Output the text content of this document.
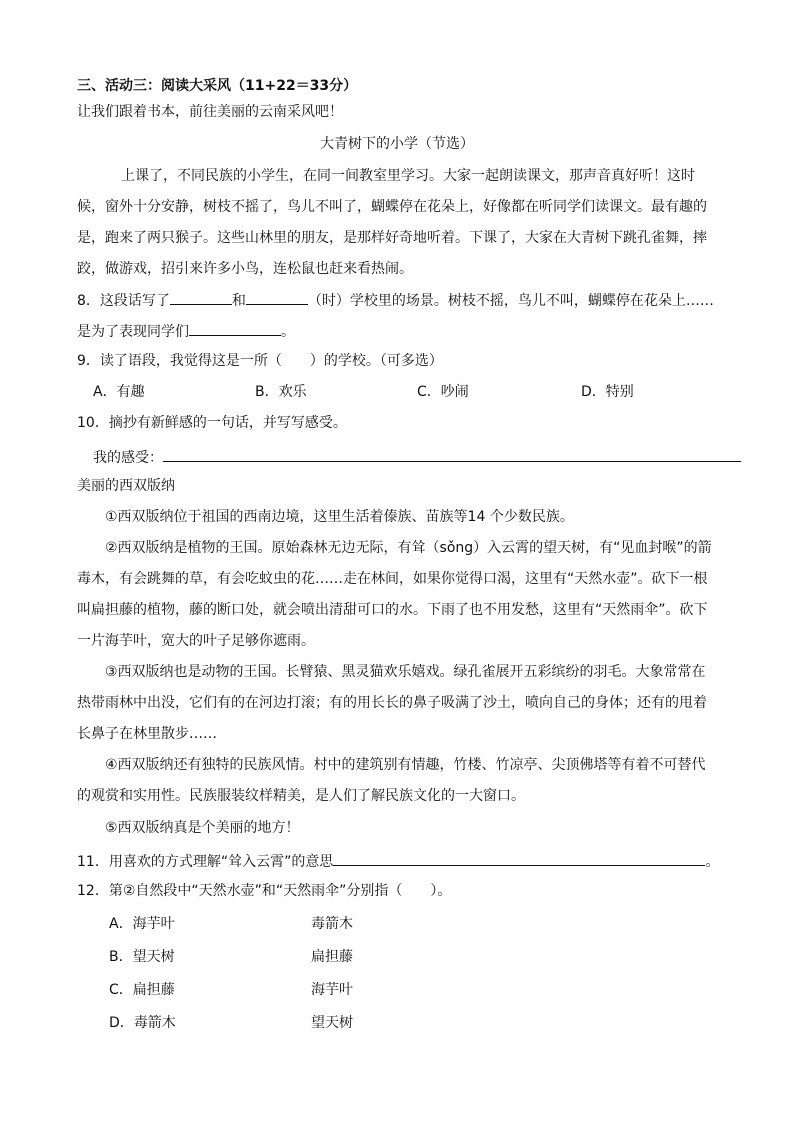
三、活动三：阅读大采风（11+22＝33分）
让我们跟着书本，前往美丽的云南采风吧！
大青树下的小学（节选）
上课了，不同民族的小学生，在同一间教室里学习。大家一起朗读课文，那声音真好听！这时
候，窗外十分安静，树枝不摇了，鸟儿不叫了，蝴蝶停在花朵上，好像都在听同学们读课文。最有趣的
是，跑来了两只猴子。这些山林里的朋友，是那样好奇地听着。下课了，大家在大青树下跳孔雀舞，摔
跤，做游戏，招引来许多小鸟，连松鼠也赶来看热闹。
8．这段话写了	和	（时）学校里的场景。树枝不摇，鸟儿不叫，蝴蝶停在花朵上……
是为了表现同学们	。
9．读了语段，我觉得这是一所（　　）的学校。（可多选）
A．有趣	B．欢乐	C．吵闹	D．特别
10．摘抄有新鲜感的一句话，并写写感受。
我的感受：
美丽的西双版纳
①西双版纳位于祖国的西南边境，这里生活着傣族、苗族等14 个少数民族。
②西双版纳是植物的王国。原始森林无边无际，有耸（sǒng）入云霄的望天树，有“见血封喉”的箭
毒木，有会跳舞的草，有会吃蚊虫的花……走在林间，如果你觉得口渴，这里有“天然水壶”。砍下一根
叫扁担藤的植物，藤的断口处，就会喷出清甜可口的水。下雨了也不用发愁，这里有“天然雨伞”。砍下
一片海芋叶，宽大的叶子足够你遮雨。
③西双版纳也是动物的王国。长臂猿、黑灵猫欢乐嬉戏。绿孔雀展开五彩缤纷的羽毛。大象常常在
热带雨林中出没，它们有的在河边打滚；有的用长长的鼻子吸满了沙土，喷向自己的身体；还有的甩着
长鼻子在林里散步……
④西双版纳还有独特的民族风情。村中的建筑别有情趣，竹楼、竹凉亭、尖顶佛塔等有着不可替代
的观赏和实用性。民族服装纹样精美，是人们了解民族文化的一大窗口。
⑤西双版纳真是个美丽的地方！
11．用喜欢的方式理解“耸入云霄”的意思	。
12．第②自然段中“天然水壶”和“天然雨伞”分别指（　　）。
A．海芋叶	毒箭木
B．望天树	扁担藤
C．扁担藤	海芋叶
D．毒箭木	望天树
